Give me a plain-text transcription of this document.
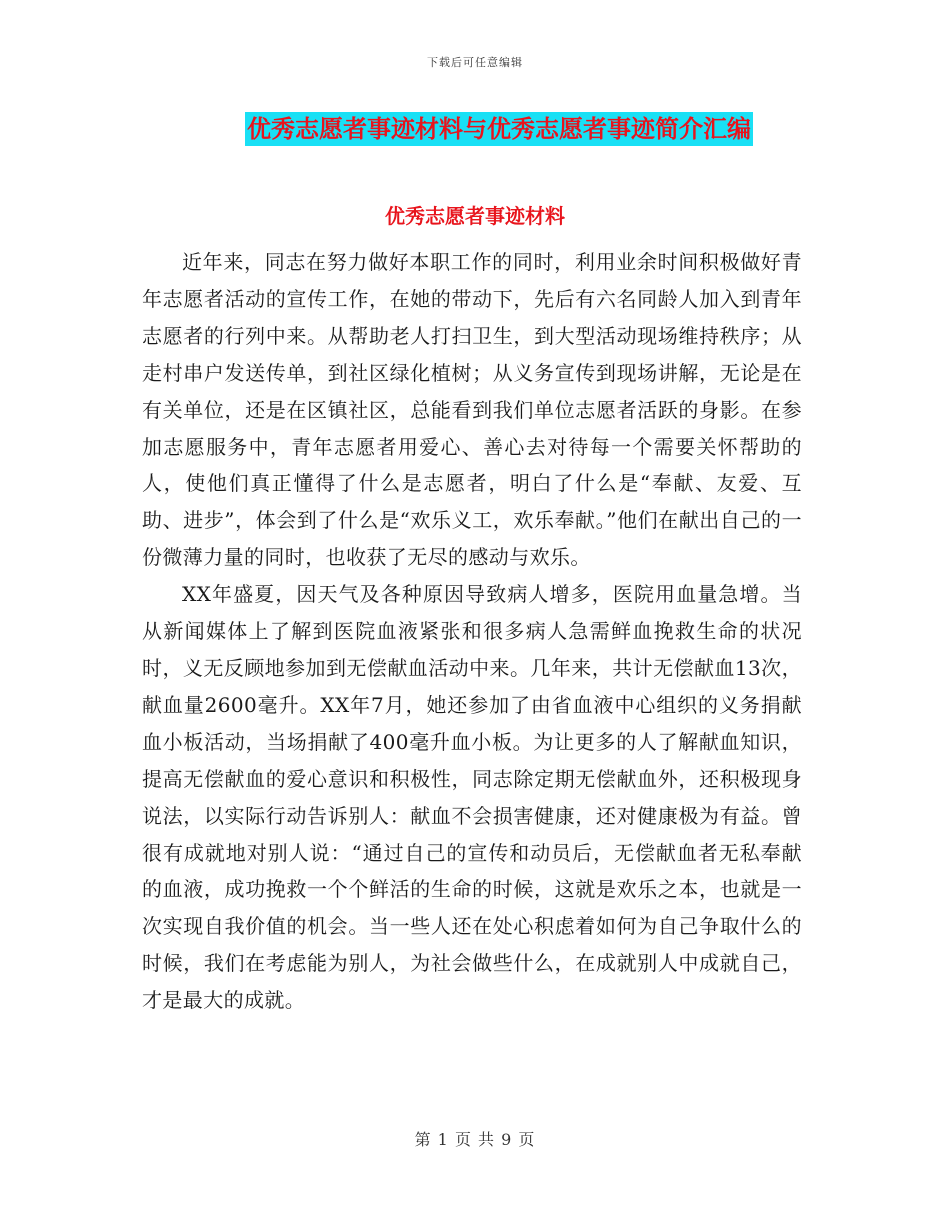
下载后可任意编辑
优秀志愿者事迹材料与优秀志愿者事迹简介汇编
优秀志愿者事迹材料

近年来，同志在努力做好本职工作的同时，利用业余时间积极做好青年志愿者活动的宣传工作，在她的带动下，先后有六名同龄人加入到青年志愿者的行列中来。从帮助老人打扫卫生，到大型活动现场维持秩序；从走村串户发送传单，到社区绿化植树；从义务宣传到现场讲解，无论是在有关单位，还是在区镇社区，总能看到我们单位志愿者活跃的身影。在参加志愿服务中，青年志愿者用爱心、善心去对待每一个需要关怀帮助的人，使他们真正懂得了什么是志愿者，明白了什么是“奉献、友爱、互助、进步”，体会到了什么是“欢乐义工，欢乐奉献。”他们在献出自己的一份微薄力量的同时，也收获了无尽的感动与欢乐。

XX年盛夏，因天气及各种原因导致病人增多，医院用血量急增。当从新闻媒体上了解到医院血液紧张和很多病人急需鲜血挽救生命的状况时，义无反顾地参加到无偿献血活动中来。几年来，共计无偿献血13次，献血量2600毫升。XX年7月，她还参加了由省血液中心组织的义务捐献血小板活动，当场捐献了400毫升血小板。为让更多的人了解献血知识，提高无偿献血的爱心意识和积极性，同志除定期无偿献血外，还积极现身说法，以实际行动告诉别人：献血不会损害健康，还对健康极为有益。曾很有成就地对别人说：“通过自己的宣传和动员后，无偿献血者无私奉献的血液，成功挽救一个个鲜活的生命的时候，这就是欢乐之本，也就是一次实现自我价值的机会。当一些人还在处心积虑着如何为自己争取什么的时候，我们在考虑能为别人，为社会做些什么，在成就别人中成就自己，才是最大的成就。

第 1 页 共 9 页
